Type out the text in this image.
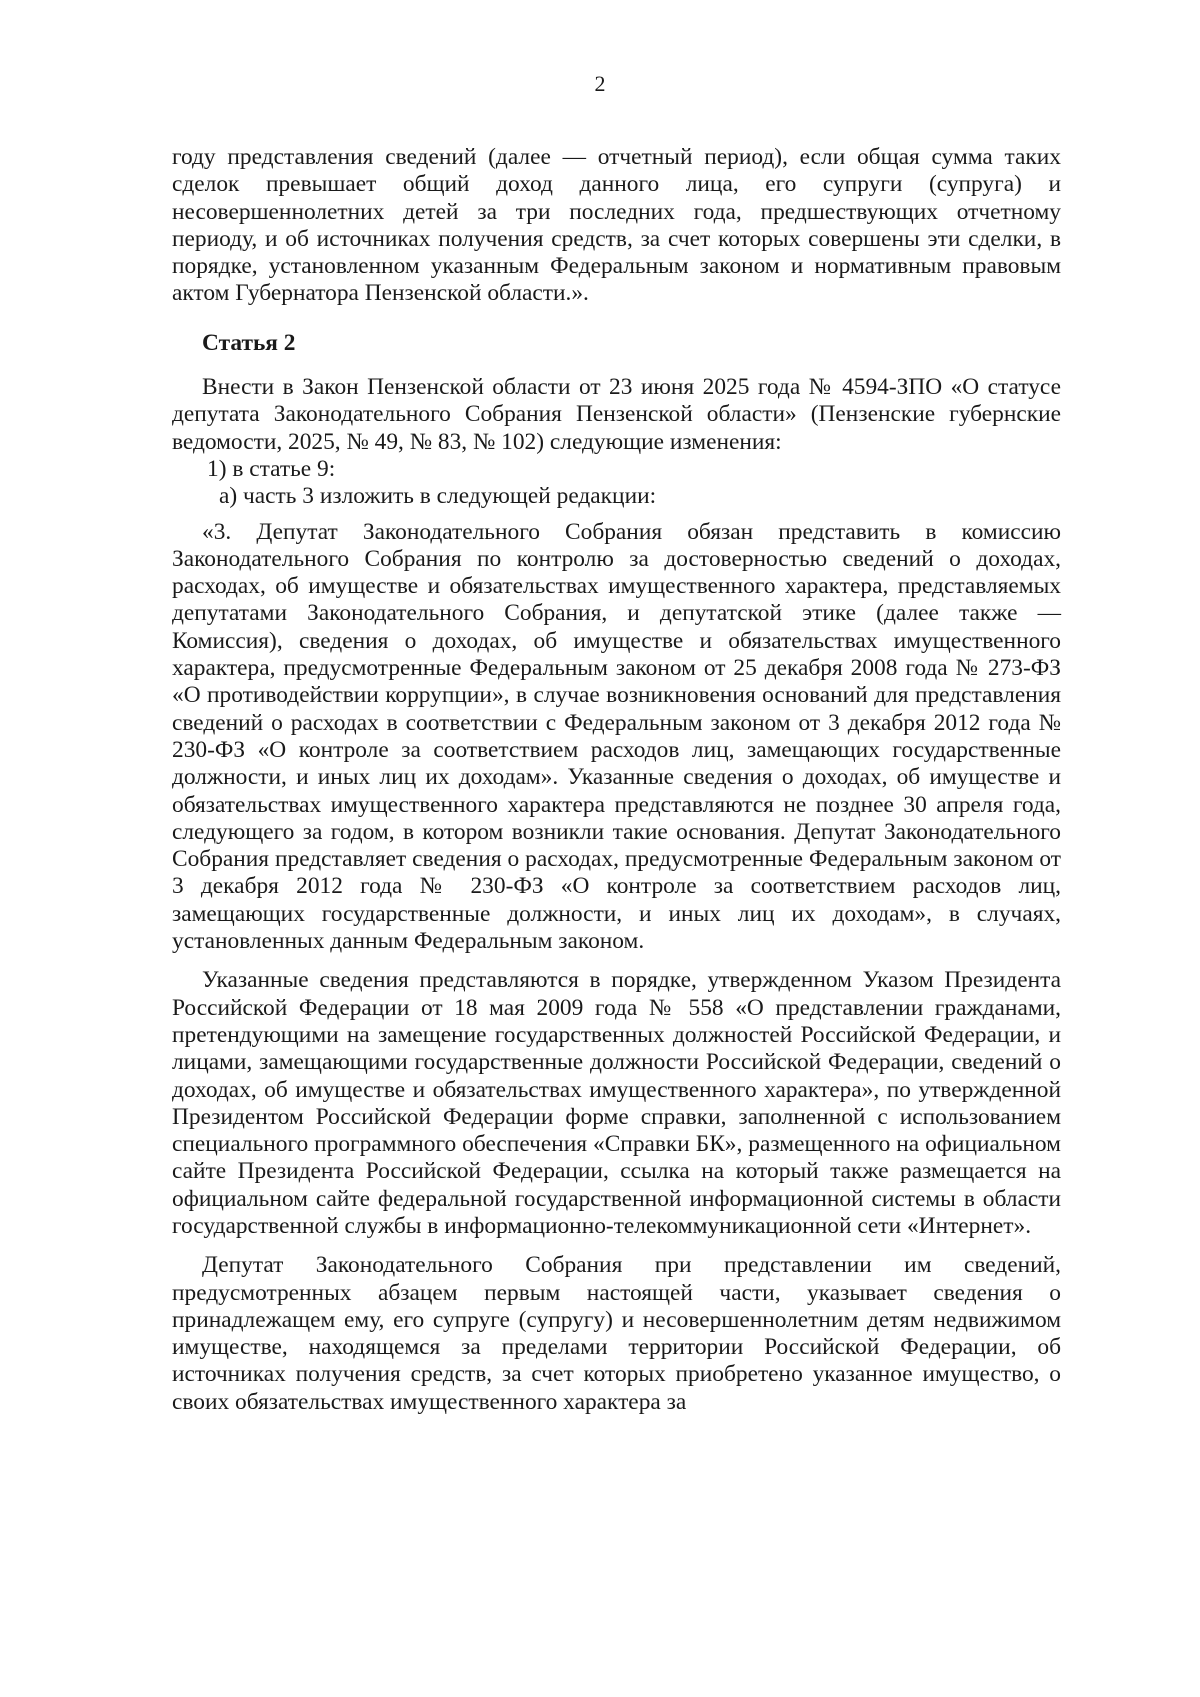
2

году представления сведений (далее — отчетный период), если общая сумма таких сделок превышает общий доход данного лица, его супруги (супруга) и несовершеннолетних детей за три последних года, предшествующих отчетному периоду, и об источниках получения средств, за счет которых совершены эти сделки, в порядке, установленном указанным Федеральным законом и нормативным правовым актом Губернатора Пензенской области.».

Статья 2

Внести в Закон Пензенской области от 23 июня 2025 года № 4594-ЗПО «О статусе депутата Законодательного Собрания Пензенской области» (Пензенские губернские ведомости, 2025, № 49, № 83, № 102) следующие изменения:

1) в статье 9:

а) часть 3 изложить в следующей редакции:

«3. Депутат Законодательного Собрания обязан представить в комиссию Законодательного Собрания по контролю за достоверностью сведений о доходах, расходах, об имуществе и обязательствах имущественного характера, представляемых депутатами Законодательного Собрания, и депутатской этике (далее также — Комиссия), сведения о доходах, об имуществе и обязательствах имущественного характера, предусмотренные Федеральным законом от 25 декабря 2008 года № 273-ФЗ «О противодействии коррупции», в случае возникновения оснований для представления сведений о расходах в соответствии с Федеральным законом от 3 декабря 2012 года № 230-ФЗ «О контроле за соответствием расходов лиц, замещающих государственные должности, и иных лиц их доходам». Указанные сведения о доходах, об имуществе и обязательствах имущественного характера представляются не позднее 30 апреля года, следующего за годом, в котором возникли такие основания. Депутат Законодательного Собрания представляет сведения о расходах, предусмотренные Федеральным законом от 3 декабря 2012 года № 230-ФЗ «О контроле за соответствием расходов лиц, замещающих государственные должности, и иных лиц их доходам», в случаях, установленных данным Федеральным законом.

Указанные сведения представляются в порядке, утвержденном Указом Президента Российской Федерации от 18 мая 2009 года № 558 «О представлении гражданами, претендующими на замещение государственных должностей Российской Федерации, и лицами, замещающими государственные должности Российской Федерации, сведений о доходах, об имуществе и обязательствах имущественного характера», по утвержденной Президентом Российской Федерации форме справки, заполненной с использованием специального программного обеспечения «Справки БК», размещенного на официальном сайте Президента Российской Федерации, ссылка на который также размещается на официальном сайте федеральной государственной информационной системы в области государственной службы в информационно-телекоммуникационной сети «Интернет».

Депутат Законодательного Собрания при представлении им сведений, предусмотренных абзацем первым настоящей части, указывает сведения о принадлежащем ему, его супруге (супругу) и несовершеннолетним детям недвижимом имуществе, находящемся за пределами территории Российской Федерации, об источниках получения средств, за счет которых приобретено указанное имущество, о своих обязательствах имущественного характера за
